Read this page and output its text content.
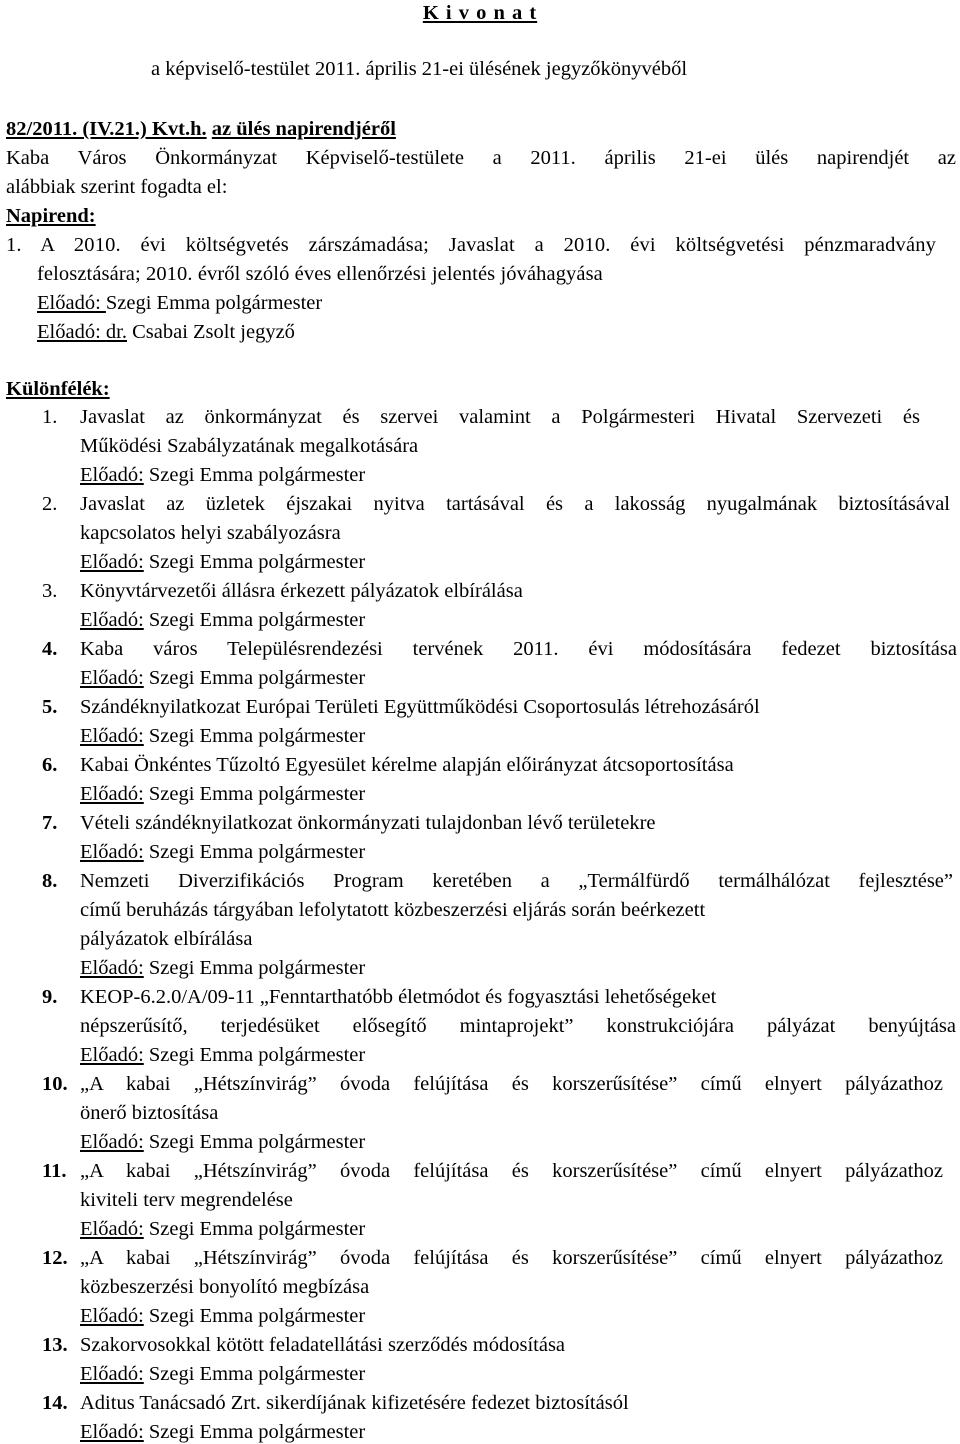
K i v o n a t
a képviselő-testület 2011. április 21-ei ülésének jegyzőkönyvéből
82/2011. (IV.21.) Kvt.h. az ülés napirendjéről
Kaba Város Önkormányzat Képviselő-testülete a 2011. április 21-ei ülés napirendjét az
alábbiak szerint fogadta el:
Napirend:
1. A 2010. évi költségvetés zárszámadása; Javaslat a 2010. évi költségvetési pénzmaradvány
felosztására; 2010. évről szóló éves ellenőrzési jelentés jóváhagyása
Előadó: Szegi Emma polgármester
Előadó: dr. Csabai Zsolt jegyző
Különfélék:
1. Javaslat az önkormányzat és szervei valamint a Polgármesteri Hivatal Szervezeti és
Működési Szabályzatának megalkotására
Előadó: Szegi Emma polgármester
2. Javaslat az üzletek éjszakai nyitva tartásával és a lakosság nyugalmának biztosításával
kapcsolatos helyi szabályozásra
Előadó: Szegi Emma polgármester
3. Könyvtárvezetői állásra érkezett pályázatok elbírálása
Előadó: Szegi Emma polgármester
4. Kaba város Településrendezési tervének 2011. évi módosítására fedezet biztosítása
Előadó: Szegi Emma polgármester
5. Szándéknyilatkozat Európai Területi Együttműködési Csoportosulás létrehozásáról
Előadó: Szegi Emma polgármester
6. Kabai Önkéntes Tűzoltó Egyesület kérelme alapján előirányzat átcsoportosítása
Előadó: Szegi Emma polgármester
7. Vételi szándéknyilatkozat önkormányzati tulajdonban lévő területekre
Előadó: Szegi Emma polgármester
8. Nemzeti Diverzifikációs Program keretében a „Termálfürdő termálhálózat fejlesztése”
című beruházás tárgyában lefolytatott közbeszerzési eljárás során beérkezett
pályázatok elbírálása
Előadó: Szegi Emma polgármester
9. KEOP-6.2.0/A/09-11 „Fenntarthatóbb életmódot és fogyasztási lehetőségeket
népszerűsítő, terjedésüket elősegítő mintaprojekt” konstrukciójára pályázat benyújtása
Előadó: Szegi Emma polgármester
10. „A kabai „Hétszínvirág” óvoda felújítása és korszerűsítése” című elnyert pályázathoz
önerő biztosítása
Előadó: Szegi Emma polgármester
11. „A kabai „Hétszínvirág” óvoda felújítása és korszerűsítése” című elnyert pályázathoz
kiviteli terv megrendelése
Előadó: Szegi Emma polgármester
12. „A kabai „Hétszínvirág” óvoda felújítása és korszerűsítése” című elnyert pályázathoz
közbeszerzési bonyolító megbízása
Előadó: Szegi Emma polgármester
13. Szakorvosokkal kötött feladatellátási szerződés módosítása
Előadó: Szegi Emma polgármester
14. Aditus Tanácsadó Zrt. sikerdíjának kifizetésére fedezet biztosításól
Előadó: Szegi Emma polgármester
